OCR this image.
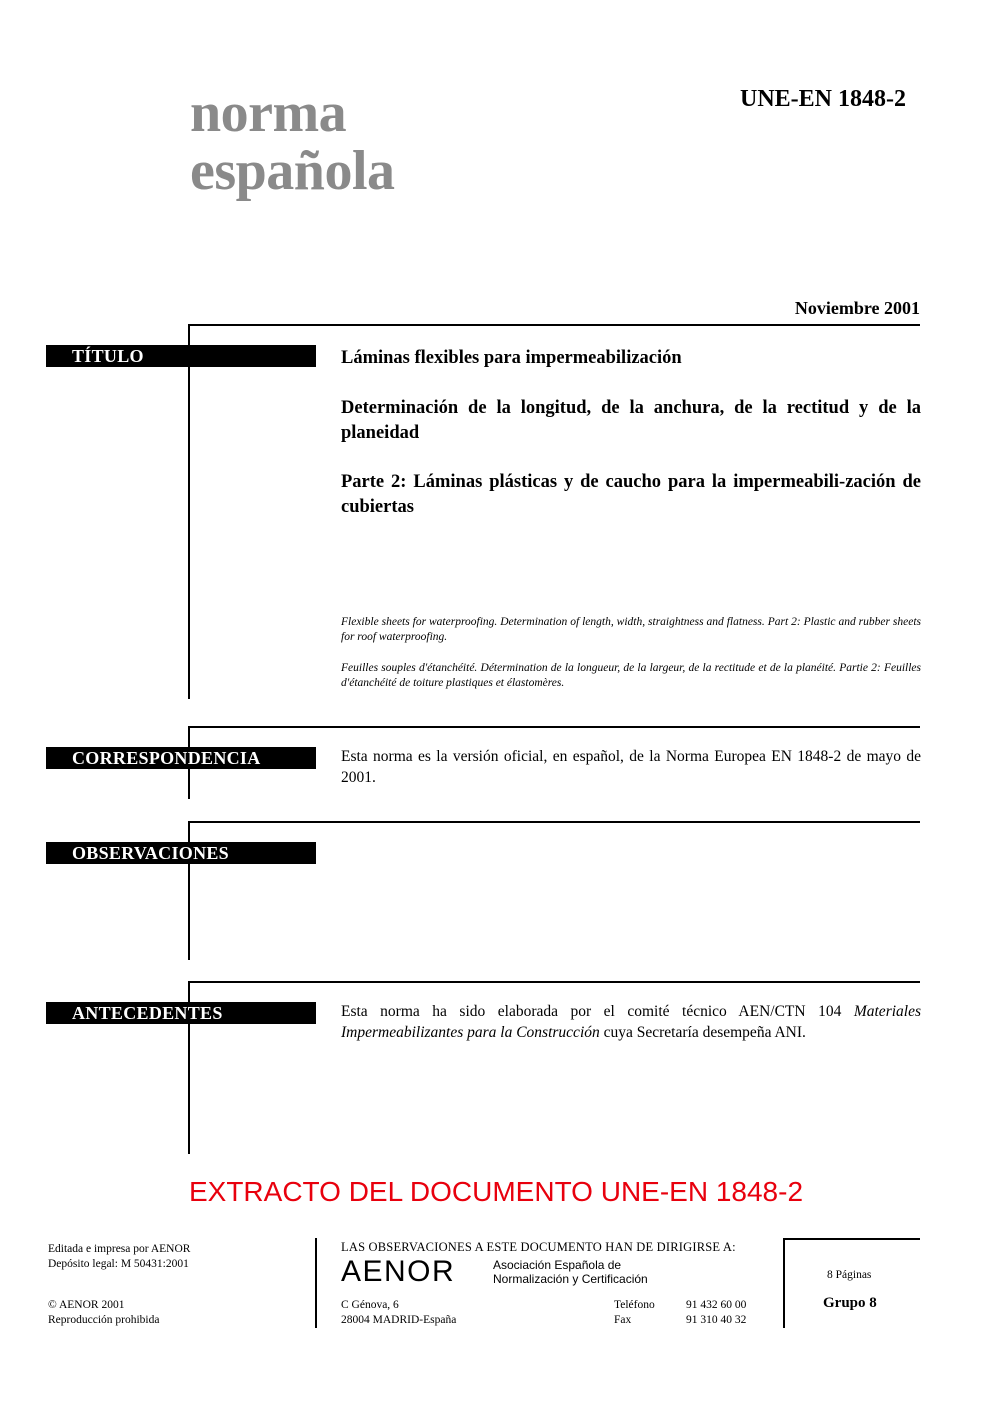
norma
española
UNE-EN 1848-2
Noviembre 2001
TÍTULO	Láminas flexibles para impermeabilización
Determinación de la longitud, de la anchura, de la rectitud y de la planeidad
Parte 2: Láminas plásticas y de caucho para la impermeabili-zación de cubiertas
Flexible sheets for waterproofing. Determination of length, width, straightness and flatness. Part 2: Plastic and rubber sheets for roof waterproofing.
Feuilles souples d'étanchéité. Détermination de la longueur, de la largeur, de la rectitude et de la planéité. Partie 2: Feuilles d'étanchéité de toiture plastiques et élastomères.
CORRESPONDENCIA	Esta norma es la versión oficial, en español, de la Norma Europea EN 1848-2 de mayo de 2001.
OBSERVACIONES
ANTECEDENTES	Esta norma ha sido elaborada por el comité técnico AEN/CTN 104 Materiales Impermeabilizantes para la Construcción cuya Secretaría desempeña ANI.
EXTRACTO DEL DOCUMENTO UNE-EN 1848-2
Editada e impresa por AENOR
Depósito legal: M 50431:2001
© AENOR 2001
Reproducción prohibida
LAS OBSERVACIONES A ESTE DOCUMENTO HAN DE DIRIGIRSE A:
AENOR	Asociación Española de
Normalización y Certificación
C Génova, 6
28004 MADRID-España
Teléfono	91 432 60 00
Fax	91 310 40 32
8 Páginas
Grupo 8
